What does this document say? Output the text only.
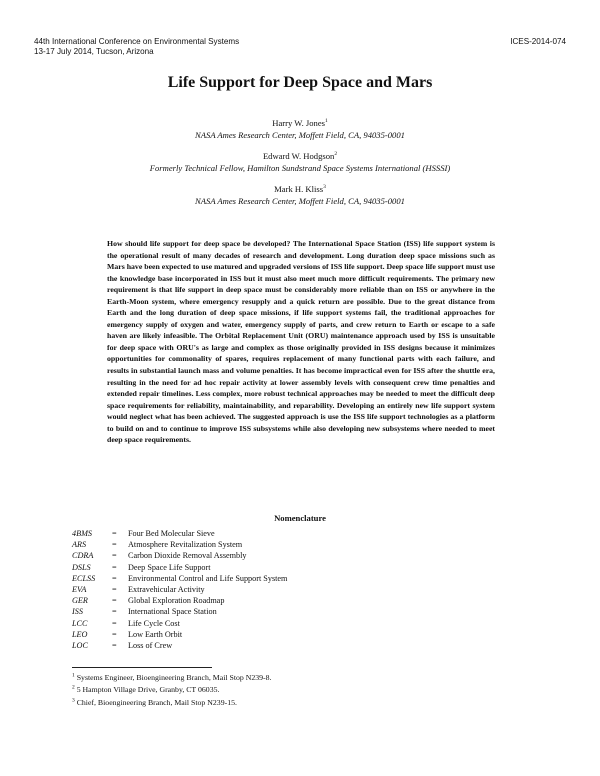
44th International Conference on Environmental Systems
13-17 July 2014, Tucson, Arizona
ICES-2014-074
Life Support for Deep Space and Mars
Harry W. Jones$^1$
NASA Ames Research Center, Moffett Field, CA, 94035-0001
Edward W. Hodgson$^2$
Formerly Technical Fellow, Hamilton Sundstrand Space Systems International (HSSSI)
Mark H. Kliss$^3$
NASA Ames Research Center, Moffett Field, CA, 94035-0001

How should life support for deep space be developed? The International Space Station (ISS) life support system is the operational result of many decades of research and development. Long duration deep space missions such as Mars have been expected to use matured and upgraded versions of ISS life support. Deep space life support must use the knowledge base incorporated in ISS but it must also meet much more difficult requirements. The primary new requirement is that life support in deep space must be considerably more reliable than on ISS or anywhere in the Earth-Moon system, where emergency resupply and a quick return are possible. Due to the great distance from Earth and the long duration of deep space missions, if life support systems fail, the traditional approaches for emergency supply of oxygen and water, emergency supply of parts, and crew return to Earth or escape to a safe haven are likely infeasible. The Orbital Replacement Unit (ORU) maintenance approach used by ISS is unsuitable for deep space with ORU's as large and complex as those originally provided in ISS designs because it minimizes opportunities for commonality of spares, requires replacement of many functional parts with each failure, and results in substantial launch mass and volume penalties. It has become impractical even for ISS after the shuttle era, resulting in the need for ad hoc repair activity at lower assembly levels with consequent crew time penalties and extended repair timelines. Less complex, more robust technical approaches may be needed to meet the difficult deep space requirements for reliability, maintainability, and reparability. Developing an entirely new life support system would neglect what has been achieved. The suggested approach is use the ISS life support technologies as a platform to build on and to continue to improve ISS subsystems while also developing new subsystems where needed to meet deep space requirements.

Nomenclature
4BMS = Four Bed Molecular Sieve
ARS	= Atmosphere Revitalization System
CDRA = Carbon Dioxide Removal Assembly
DSLS	= Deep Space Life Support
ECLSS = Environmental Control and Life Support System
EVA	= Extravehicular Activity
GER	= Global Exploration Roadmap
ISS	= International Space Station
LCC	= Life Cycle Cost
LEO	= Low Earth Orbit
LOC	= Loss of Crew
$^1$ Systems Engineer, Bioengineering Branch, Mail Stop N239-8.
$^2$ 5 Hampton Village Drive, Granby, CT 06035.
$^3$ Chief, Bioengineering Branch, Mail Stop N239-15.
